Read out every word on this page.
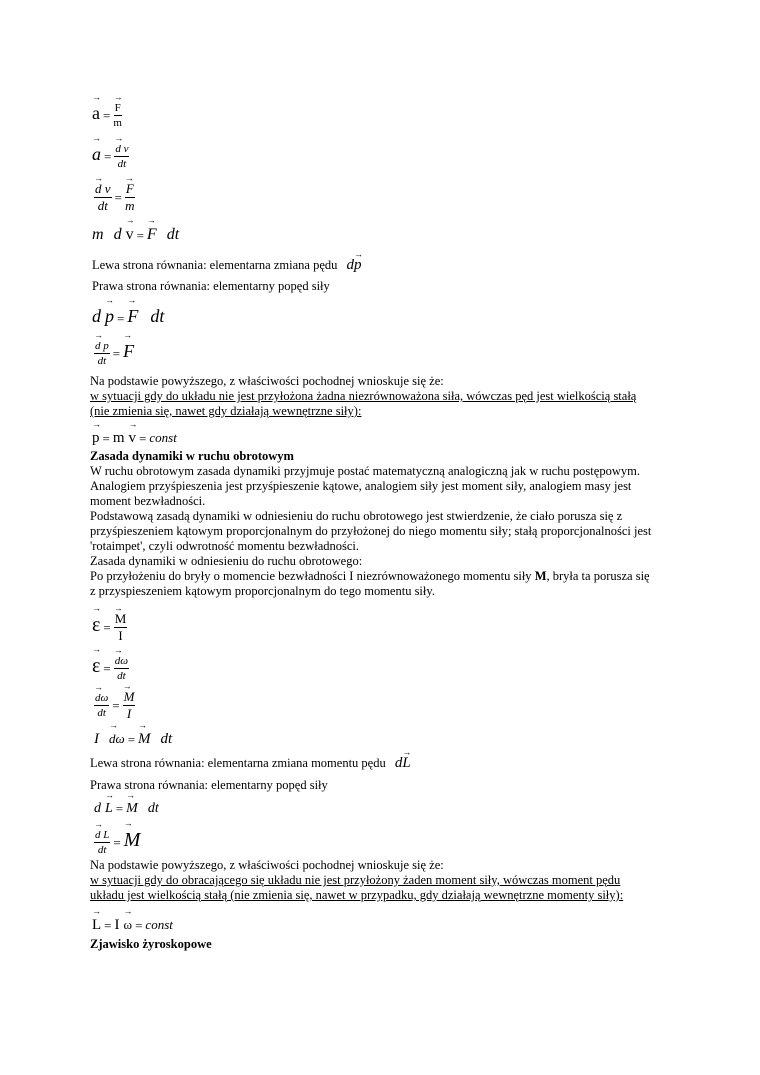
→ a =
→ $\frac{F}{m}$
→ a =
→ $\frac{\text{d v}}{dt}$
→ $\frac{\text{d v}}{dt}$ =
→ $\frac{F}{m}$
m d → v =→ F dt
Lewa strona równania: elementarna zmiana pędu d→ p
Prawa strona równania: elementarny popęd siły
d → p =→ F dt
→ $\frac{\text{d p}}{dt} =\to F$
Na podstawie powyższego, z właściwości pochodnej wnioskuje się że:
w sytuacji gdy do układu nie jest przyłożona żadna niezrównoważona siła, wówczas pęd jest wielkością stałą
(nie zmienia się, nawet gdy działają wewnętrzne siły):
→ p = m → v = const
Zasada dynamiki w ruchu obrotowym
W ruchu obrotowym zasada dynamiki przyjmuje postać matematyczną analogiczną jak w ruchu postępowym.
Analogiem przyśpieszenia jest przyśpieszenie kątowe, analogiem siły jest moment siły, analogiem masy jest
moment bezwładności.
Podstawową zasadą dynamiki w odniesieniu do ruchu obrotowego jest stwierdzenie, że ciało porusza się z
przyśpieszeniem kątowym proporcjonalnym do przyłożonej do niego momentu siły; stałą proporcjonalności jest
'rotaimpet', czyli odwrotność momentu bezwładności.
Zasada dynamiki w odniesieniu do ruchu obrotowego:
Po przyłożeniu do bryły o momencie bezwładności I niezrównoważonego momentu siły M, bryła ta porusza się
z przyspieszeniem kątowym proporcjonalnym do tego momentu siły.
→ ε =
→ $\frac{M}{I}$
→ ε =
→ $\frac{d\omega}{dt}$
→ $\frac{d\omega}{dt}$ =
→ $\frac{M}{I}$
I → dω =→ M dt
Lewa strona równania: elementarna zmiana momentu pędu d→ L
Prawa strona równania: elementarny popęd siły
d → L =→ M dt
→ $\frac{\text{d L}}{dt} =\to M$
Na podstawie powyższego, z właściwości pochodnej wnioskuje się że:
w sytuacji gdy do obracającego się układu nie jest przyłożony żaden moment siły, wówczas moment pędu
układu jest wielkością stałą (nie zmienia się, nawet w przypadku, gdy działają wewnętrzne momenty siły):
→ L = I → ω = const
Zjawisko żyroskopowe
